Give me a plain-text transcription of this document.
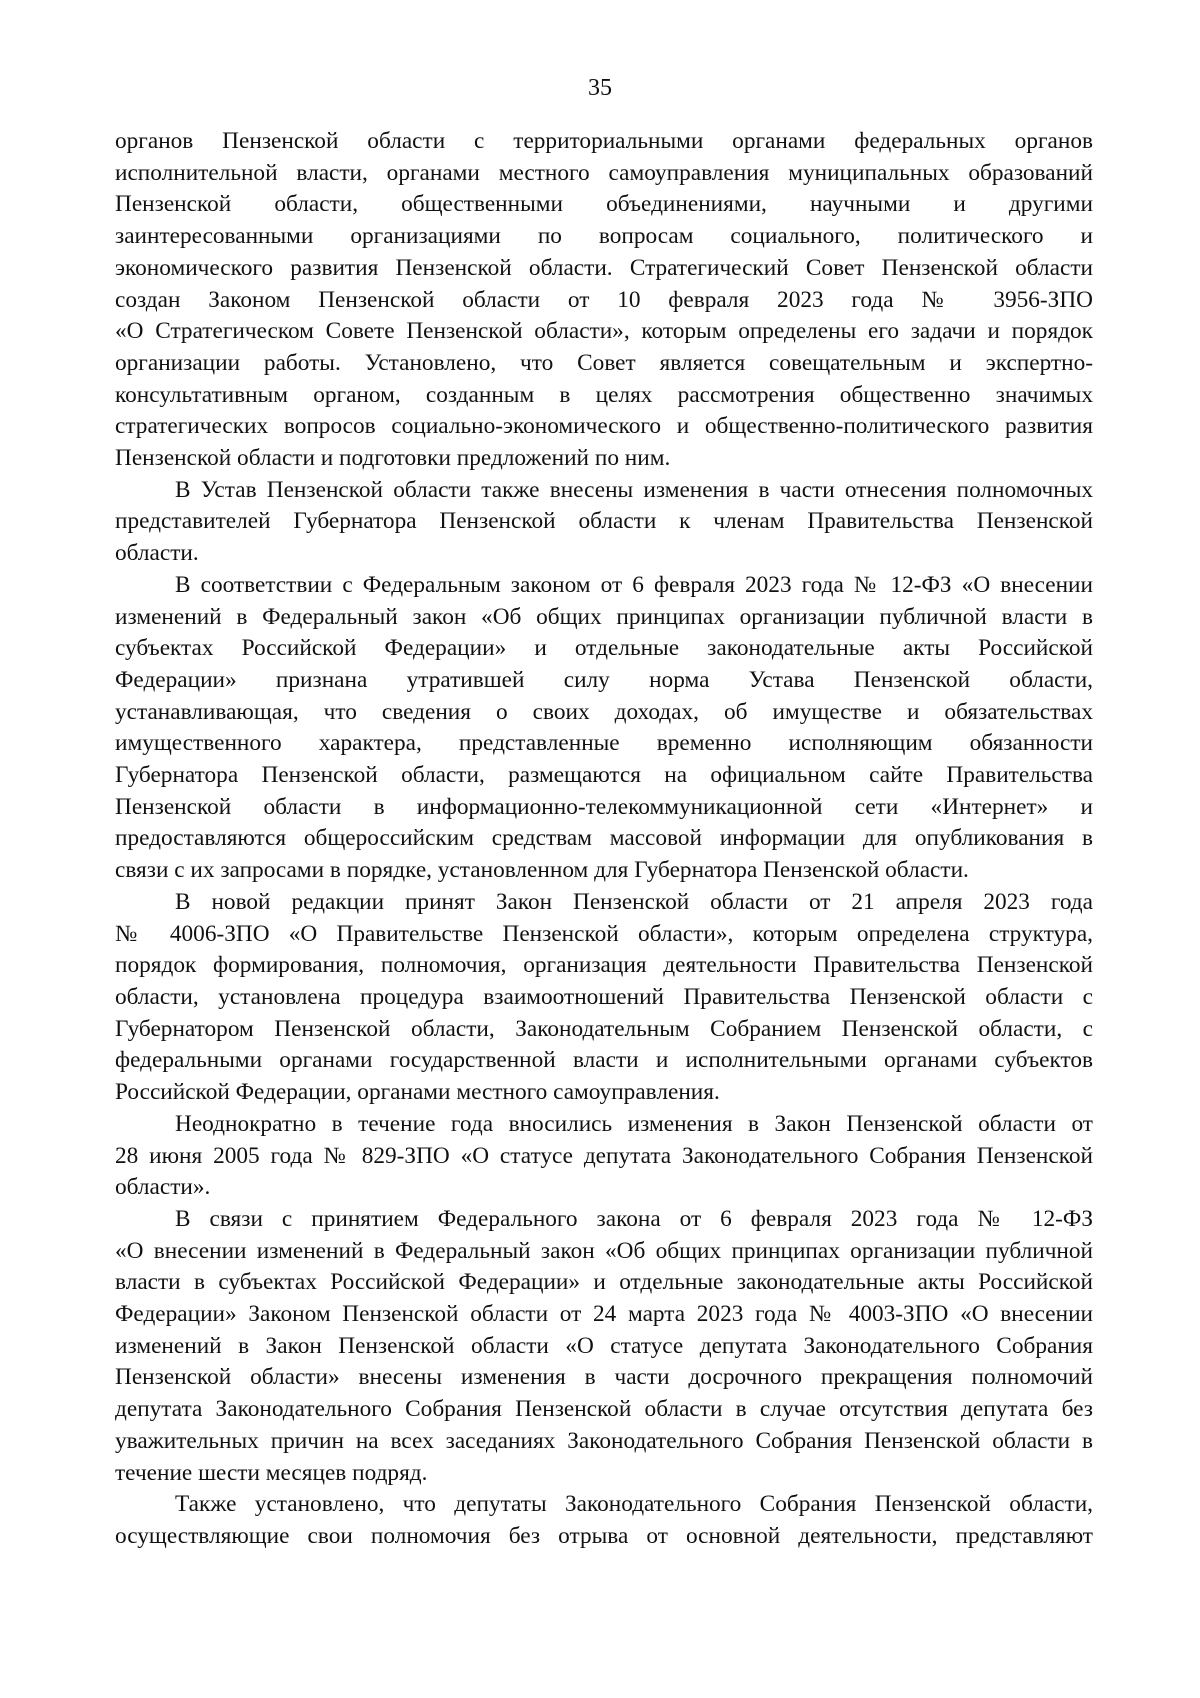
35

органов Пензенской области с территориальными органами федеральных органов

исполнительной власти, органами местного самоуправления муниципальных образований

Пензенской области, общественными объединениями, научными и другими

заинтересованными организациями по вопросам социального, политического и

экономического развития Пензенской области. Стратегический Совет Пензенской области

создан Законом Пензенской области от 10 февраля 2023 года № 3956-ЗПО

«О Стратегическом Совете Пензенской области», которым определены его задачи и порядок

организации работы. Установлено, что Совет является совещательным и экспертно-

консультативным органом, созданным в целях рассмотрения общественно значимых

стратегических вопросов социально-экономического и общественно-политического развития

Пензенской области и подготовки предложений по ним.

В Устав Пензенской области также внесены изменения в части отнесения полномочных

представителей Губернатора Пензенской области к членам Правительства Пензенской

области.

В соответствии с Федеральным законом от 6 февраля 2023 года № 12-ФЗ «О внесении

изменений в Федеральный закон «Об общих принципах организации публичной власти в

субъектах Российской Федерации» и отдельные законодательные акты Российской

Федерации» признана утратившей силу норма Устава Пензенской области,

устанавливающая, что сведения о своих доходах, об имуществе и обязательствах

имущественного характера, представленные временно исполняющим обязанности

Губернатора Пензенской области, размещаются на официальном сайте Правительства

Пензенской области в информационно-телекоммуникационной сети «Интернет» и

предоставляются общероссийским средствам массовой информации для опубликования в

связи с их запросами в порядке, установленном для Губернатора Пензенской области.

В новой редакции принят Закон Пензенской области от 21 апреля 2023 года

№ 4006-ЗПО «О Правительстве Пензенской области», которым определена структура,

порядок формирования, полномочия, организация деятельности Правительства Пензенской

области, установлена процедура взаимоотношений Правительства Пензенской области с

Губернатором Пензенской области, Законодательным Собранием Пензенской области, с

федеральными органами государственной власти и исполнительными органами субъектов

Российской Федерации, органами местного самоуправления.

Неоднократно в течение года вносились изменения в Закон Пензенской области от

28 июня 2005 года № 829-ЗПО «О статусе депутата Законодательного Собрания Пензенской

области».

В связи с принятием Федерального закона от 6 февраля 2023 года № 12-ФЗ

«О внесении изменений в Федеральный закон «Об общих принципах организации публичной

власти в субъектах Российской Федерации» и отдельные законодательные акты Российской

Федерации» Законом Пензенской области от 24 марта 2023 года № 4003-ЗПО «О внесении

изменений в Закон Пензенской области «О статусе депутата Законодательного Собрания

Пензенской области» внесены изменения в части досрочного прекращения полномочий

депутата Законодательного Собрания Пензенской области в случае отсутствия депутата без

уважительных причин на всех заседаниях Законодательного Собрания Пензенской области в

течение шести месяцев подряд.

Также установлено, что депутаты Законодательного Собрания Пензенской области,

осуществляющие свои полномочия без отрыва от основной деятельности, представляют
